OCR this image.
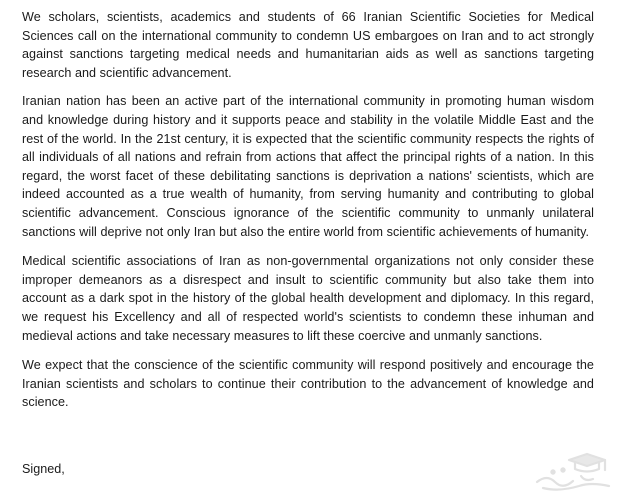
We scholars, scientists, academics and students of 66 Iranian Scientific Societies for Medical Sciences call on the international community to condemn US embargoes on Iran and to act strongly against sanctions targeting medical needs and humanitarian aids as well as sanctions targeting research and scientific advancement.

Iranian nation has been an active part of the international community in promoting human wisdom and knowledge during history and it supports peace and stability in the volatile Middle East and the rest of the world. In the 21st century, it is expected that the scientific community respects the rights of all individuals of all nations and refrain from actions that affect the principal rights of a nation. In this regard, the worst facet of these debilitating sanctions is deprivation a nations' scientists, which are indeed accounted as a true wealth of humanity, from serving humanity and contributing to global scientific advancement. Conscious ignorance of the scientific community to unmanly unilateral sanctions will deprive not only Iran but also the entire world from scientific achievements of humanity.

Medical scientific associations of Iran as non-governmental organizations not only consider these improper demeanors as a disrespect and insult to scientific community but also take them into account as a dark spot in the history of the global health development and diplomacy. In this regard, we request his Excellency and all of respected world's scientists to condemn these inhuman and medieval actions and take necessary measures to lift these coercive and unmanly sanctions.

We expect that the conscience of the scientific community will respond positively and encourage the Iranian scientists and scholars to continue their contribution to the advancement of knowledge and science.

Signed,
